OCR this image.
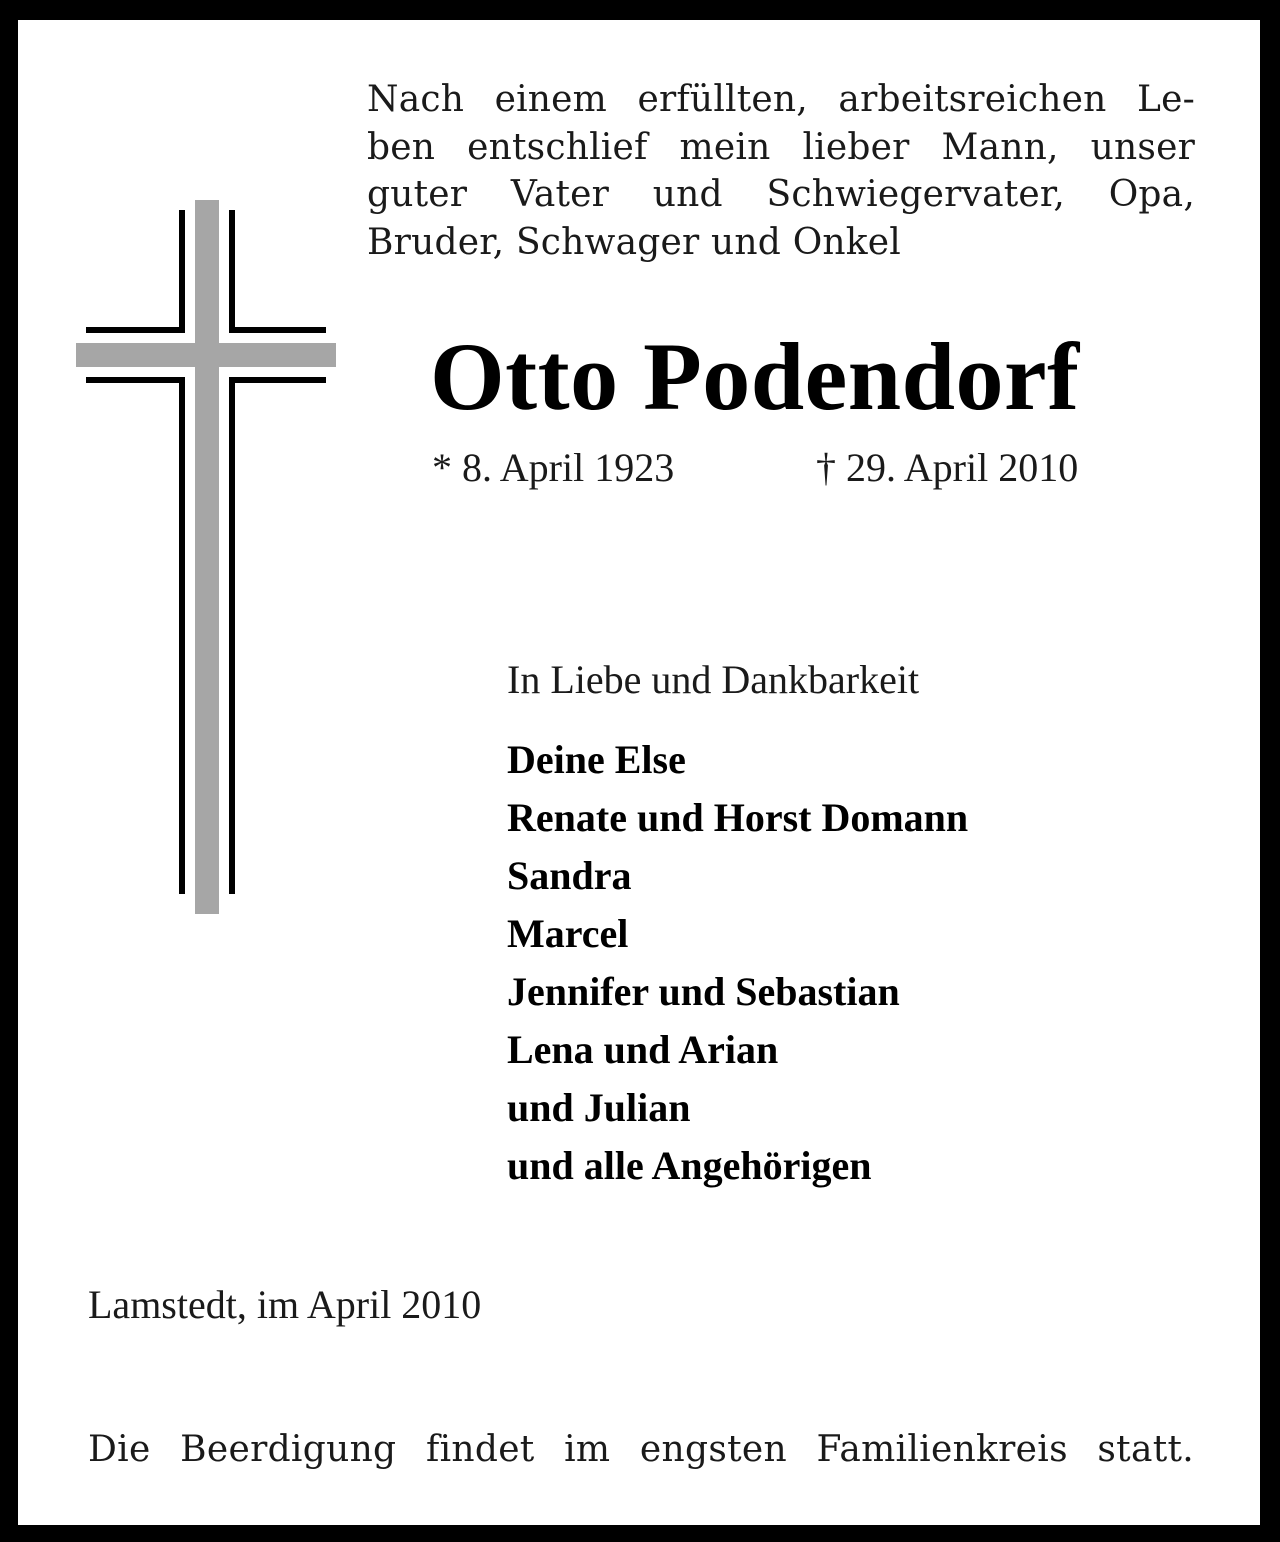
Nach einem erfüllten, arbeitsreichen Le-
ben entschlief mein lieber Mann, unser
guter Vater und Schwiegervater, Opa,
Bruder, Schwager und Onkel

Otto Podendorf
* 8. April 1923	† 29. April 2010
In Liebe und Dankbarkeit
Deine Else
Renate und Horst Domann
Sandra
Marcel
Jennifer und Sebastian
Lena und Arian
und Julian
und alle Angehörigen
Lamstedt, im April 2010
Die Beerdigung findet im engsten Familienkreis statt.
